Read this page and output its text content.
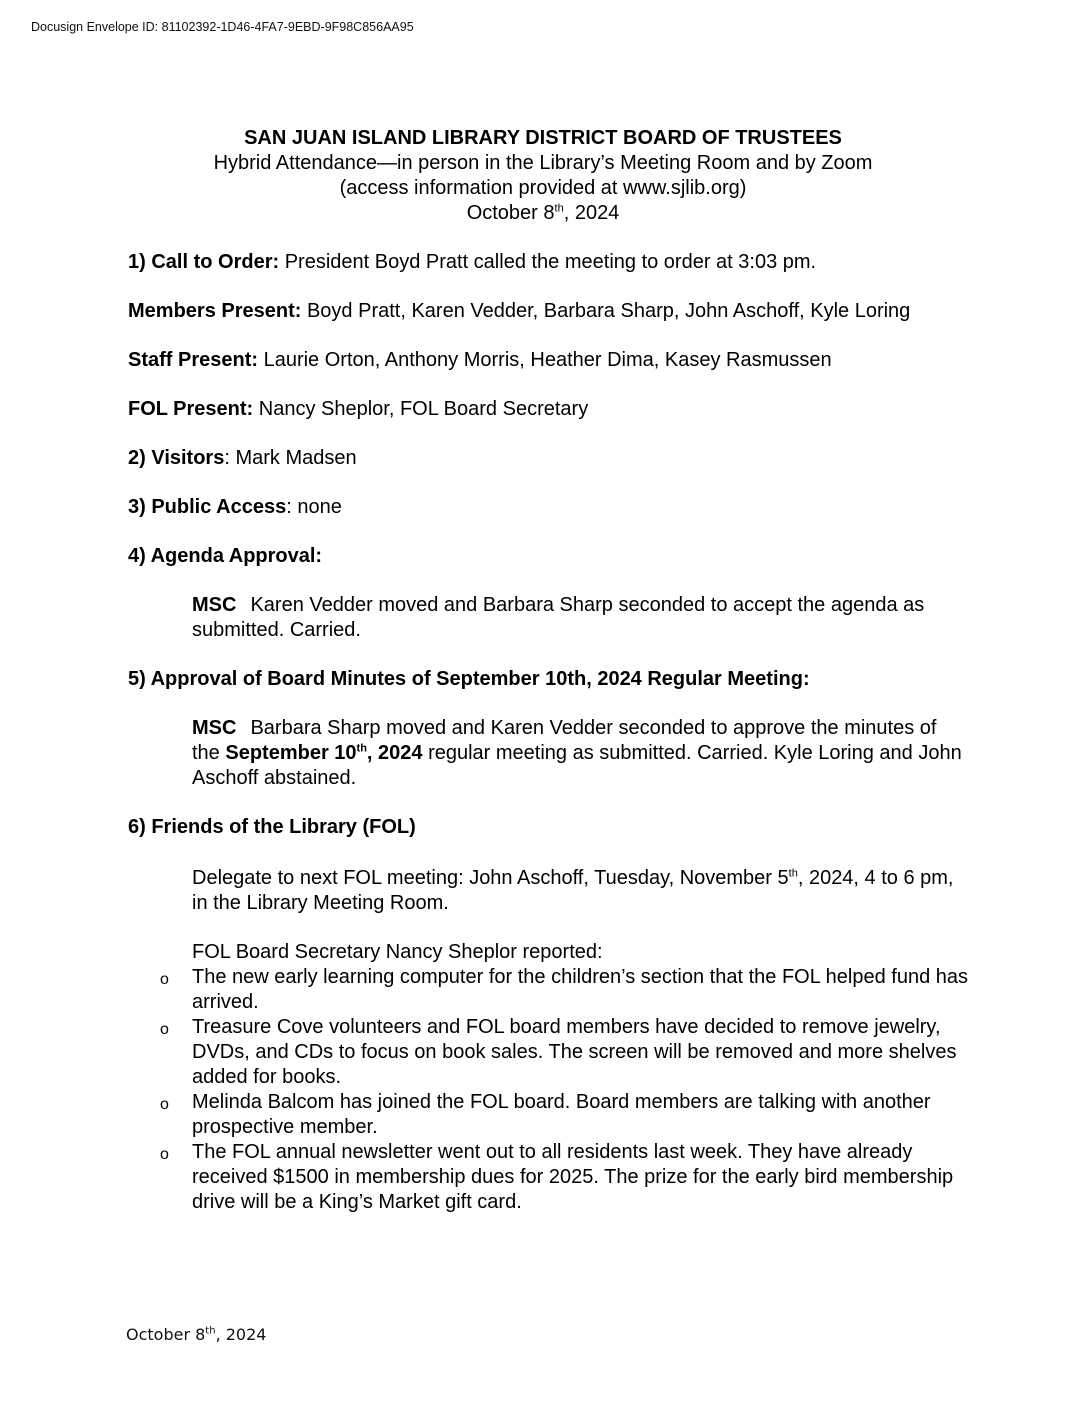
Docusign Envelope ID: 81102392-1D46-4FA7-9EBD-9F98C856AA95
SAN JUAN ISLAND LIBRARY DISTRICT BOARD OF TRUSTEES
Hybrid Attendance—in person in the Library’s Meeting Room and by Zoom
(access information provided at www.sjlib.org)
October 8th, 2024
1) Call to Order: President Boyd Pratt called the meeting to order at 3:03 pm.
Members Present: Boyd Pratt, Karen Vedder, Barbara Sharp, John Aschoff, Kyle Loring
Staff Present: Laurie Orton, Anthony Morris, Heather Dima, Kasey Rasmussen
FOL Present: Nancy Sheplor, FOL Board Secretary
2) Visitors: Mark Madsen
3) Public Access: none
4) Agenda Approval:
MSC Karen Vedder moved and Barbara Sharp seconded to accept the agenda as submitted. Carried.
5) Approval of Board Minutes of September 10th, 2024 Regular Meeting:
MSC Barbara Sharp moved and Karen Vedder seconded to approve the minutes of the September 10th, 2024 regular meeting as submitted. Carried. Kyle Loring and John Aschoff abstained.
6) Friends of the Library (FOL)
Delegate to next FOL meeting: John Aschoff, Tuesday, November 5th, 2024, 4 to 6 pm, in the Library Meeting Room.
FOL Board Secretary Nancy Sheplor reported:
o The new early learning computer for the children’s section that the FOL helped fund has arrived.
o Treasure Cove volunteers and FOL board members have decided to remove jewelry, DVDs, and CDs to focus on book sales. The screen will be removed and more shelves added for books.
o Melinda Balcom has joined the FOL board. Board members are talking with another prospective member.
o The FOL annual newsletter went out to all residents last week. They have already received $1500 in membership dues for 2025. The prize for the early bird membership drive will be a King’s Market gift card.
October 8th, 2024
